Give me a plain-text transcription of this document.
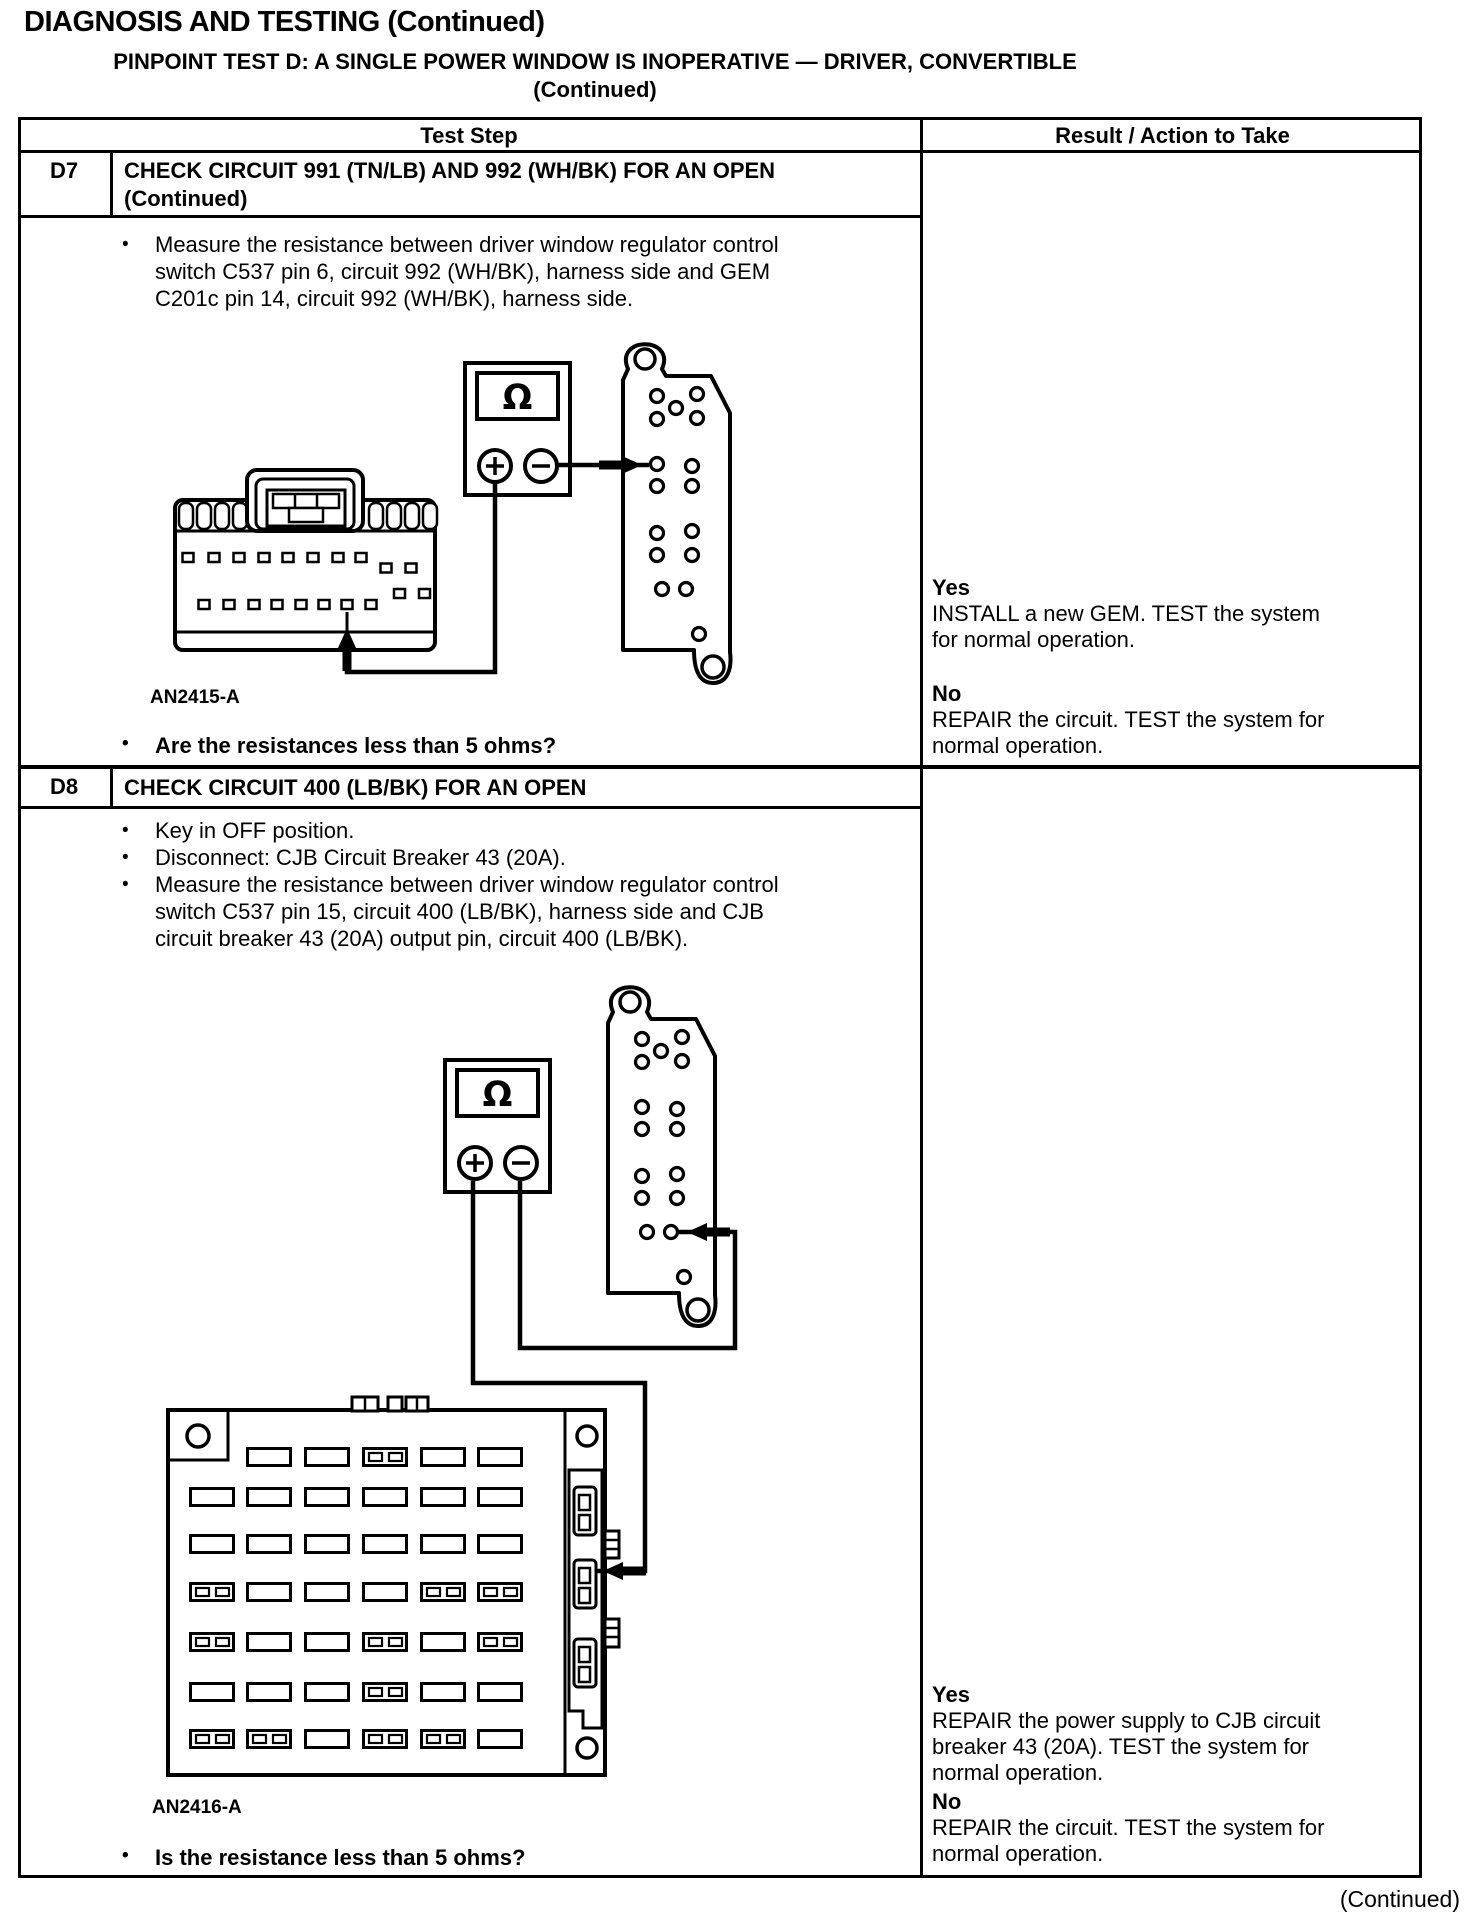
DIAGNOSIS AND TESTING (Continued)
PINPOINT TEST D: A SINGLE POWER WINDOW IS INOPERATIVE — DRIVER, CONVERTIBLE
(Continued)
Test Step	Result / Action to Take
D7	CHECK CIRCUIT 991 (TN/LB) AND 992 (WH/BK) FOR AN OPEN
(Continued)
•	Measure the resistance between driver window regulator control switch C537 pin 6, circuit 992 (WH/BK), harness side and GEM C201c pin 14, circuit 992 (WH/BK), harness side.
Ω
AN2415-A
•	Are the resistances less than 5 ohms?
Yes
INSTALL a new GEM. TEST the system for normal operation.
No
REPAIR the circuit. TEST the system for normal operation.
D8	CHECK CIRCUIT 400 (LB/BK) FOR AN OPEN
•	Key in OFF position.
•	Disconnect: CJB Circuit Breaker 43 (20A).
•	Measure the resistance between driver window regulator control switch C537 pin 15, circuit 400 (LB/BK), harness side and CJB circuit breaker 43 (20A) output pin, circuit 400 (LB/BK).
Ω
AN2416-A
•	Is the resistance less than 5 ohms?
Yes
REPAIR the power supply to CJB circuit breaker 43 (20A). TEST the system for normal operation.
No
REPAIR the circuit. TEST the system for normal operation.
(Continued)
